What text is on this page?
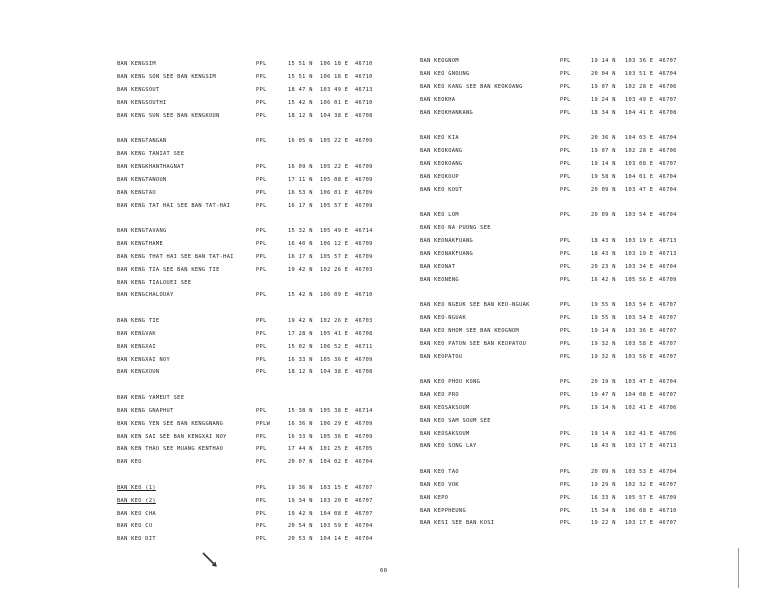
BAN KENGSIM	PPL	15 51 N 106 18 E 46710
BAN KENG SON SEE BAN KENGSIM	PPL	15 51 N 106 18 E 46710
BAN KENGSOUT	PPL	18 47 N 103 49 E 46713
BAN KENGSOUTHI	PPL	15 42 N 106 01 E 46710
BAN KENG SUN SEE BAN KENGKOUN	PPL	18 12 N 104 38 E 46708
BAN KENGTANGAN	PPL	16 05 N 105 22 E 46709
BAN KENG TANIAT SEE
BAN KENGKHANTHAGNAT	PPL	16 09 N 105 22 E 46709
BAN KENGTANOUN	PPL	17 11 N 105 08 E 46709
BAN KENGTAO	PPL	16 53 N 106 01 E 46709
BAN KENG TAT HAI SEE BAN TAT-HAI	PPL	16 17 N 105 57 E 46709
BAN KENGTAVANG	PPL	15 32 N 105 49 E 46714
BAN KENGTHAME	PPL	16 40 N 106 12 E 46709
BAN KENG THAT HAI SEE BAN TAT-HAI	PPL	16 17 N 105 57 E 46709
BAN KENG TIA SEE BAN KENG TIE	PPL	19 42 N 102 26 E 46703
BAN KENG TIALOUEI SEE
BAN KENGCHALOUAY	PPL	15 42 N 106 09 E 46710
BAN KENG TIE	PPL	19 42 N 102 26 E 46703
BAN KENGVAK	PPL	17 28 N 105 41 E 46708
BAN KENGXAI	PPL	15 02 N 106 52 E 46711
BAN KENGXAI NOY	PPL	16 33 N 105 36 E 46709
BAN KENGXOUN	PPL	18 12 N 104 38 E 46708
BAN KENG YAMEUT SEE
BAN KENG GNAPHUT	PPL	15 38 N 105 38 E 46714
BAN KENG YEN SEE BAN KENGGNANG	PPLW	16 36 N 106 29 E 46709
BAN KEN SAI SEE BAN KENGXAI NOY	PPL	16 33 N 105 36 E 46709
BAN KEN THAO SEE MUANG KENTHAO	PPL	17 44 N 101 25 E 46705
BAN KEO	PPL	20 07 N 104 02 E 46704
BAN KEO (1)	PPL	19 36 N 103 15 E 46707
BAN KEO (2)	PPL	19 34 N 103 20 E 46707
BAN KEO CHA	PPL	19 42 N 104 08 E 46707
BAN KEO CU	PPL	20 54 N 103 59 E 46704
BAN KEO DIT	PPL	20 53 N 104 14 E 46704
BAN KEOGNOM	PPL	19 14 N 103 36 E 46707
BAN KEO GNOUNG	PPL	20 04 N 103 51 E 46704
BAN KEO KANG SEE BAN KEOKOANG	PPL	19 07 N 102 28 E 46706
BAN KEOKHA	PPL	19 24 N 103 49 E 46707
BAN KEOKHANKANG	PPL	18 34 N 104 41 E 46708
BAN KEO KIA	PPL	20 36 N 104 03 E 46704
BAN KEOKOANG	PPL	19 07 N 102 28 E 46706
BAN KEOKOANG	PPL	19 14 N 103 08 E 46707
BAN KEOKOUP	PPL	19 58 N 104 01 E 46704
BAN KEO KOUT	PPL	20 09 N 103 47 E 46704
BAN KEO LOM	PPL	20 09 N 103 54 E 46704
BAN KEO NA PUONG SEE
BAN KEONAKFUANG	PPL	18 43 N 103 19 E 46713
BAN KEONAKFUANG	PPL	18 43 N 103 19 E 46713
BAN KEONAT	PPL	20 23 N 103 34 E 46704
BAN KEONENG	PPL	16 42 N 105 56 E 46709
BAN KEO NGEUK SEE BAN KEO-NGUAK	PPL	19 55 N 103 54 E 46707
BAN KEO-NGUAK	PPL	19 55 N 103 54 E 46707
BAN KEO NHOM SEE BAN KEOGNOM	PPL	19 14 N 103 36 E 46707
BAN KEO PATON SEE BAN KEOPATOU	PPL	19 32 N 103 58 E 46707
BAN KEOPATOU	PPL	19 32 N 103 58 E 46707
BAN KEO PHOU KONG	PPL	20 19 N 103 47 E 46704
BAN KEO PRO	PPL	19 47 N 104 08 E 46707
BAN KEOSAKSOUM	PPL	19 14 N 102 41 E 46706
BAN KEO SAM SOUM SEE
BAN KEOSAKSOUM	PPL	19 14 N 102 41 E 46706
BAN KEO SONG LAY	PPL	18 43 N 103 17 E 46713
BAN KEO TAO	PPL	20 09 N 103 53 E 46704
BAN KEO VOK	PPL	19 29 N 102 32 E 46707
BAN KEPO	PPL	16 33 N 105 57 E 46709
BAN KEPPHEUNG	PPL	15 34 N 106 08 E 46710
BAN KESI SEE BAN KOSI	PPL	19 22 N 103 17 E 46707
60
